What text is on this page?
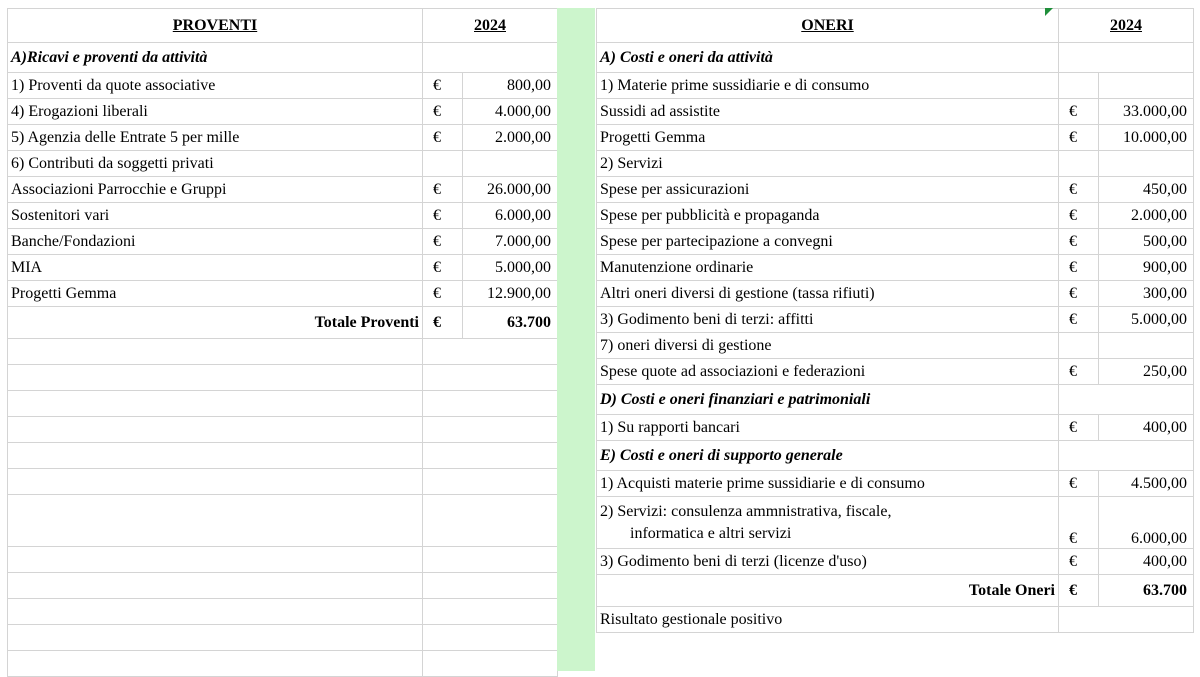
PROVENTI	2024	
A)Ricavi e proventi da attività		
1) Proventi da quote associative	€	800,00
4) Erogazioni liberali	€	4.000,00
5) Agenzia delle Entrate 5 per mille	€	2.000,00
6) Contributi da soggetti privati		
Associazioni Parrocchie e Gruppi	€	26.000,00
Sostenitori vari	€	6.000,00
Banche/Fondazioni	€	7.000,00
MIA	€	5.000,00
Progetti Gemma	€	12.900,00
Totale Proventi	€	63.700

ONERI	2024	
A) Costi e oneri da attività		
1) Materie prime sussidiarie e di consumo		
Sussidi ad assistite	€	33.000,00
Progetti Gemma	€	10.000,00
2) Servizi		
Spese per assicurazioni	€	450,00
Spese per pubblicità e propaganda	€	2.000,00
Spese per partecipazione a convegni	€	500,00
Manutenzione ordinarie	€	900,00
Altri oneri diversi di gestione (tassa rifiuti)	€	300,00
3) Godimento beni di terzi: affitti	€	5.000,00
7) oneri diversi di gestione		
Spese quote ad associazioni e federazioni	€	250,00
D) Costi e oneri finanziari e patrimoniali		
1) Su rapporti bancari	€	400,00
E) Costi e oneri di supporto generale		
1) Acquisti materie prime sussidiarie e di consumo	€	4.500,00
2) Servizi: consulenza ammnistrativa, fiscale,
informatica e altri servizi	€	6.000,00
3) Godimento beni di terzi (licenze d'uso)	€	400,00
Totale Oneri	€	63.700
Risultato gestionale positivo		
